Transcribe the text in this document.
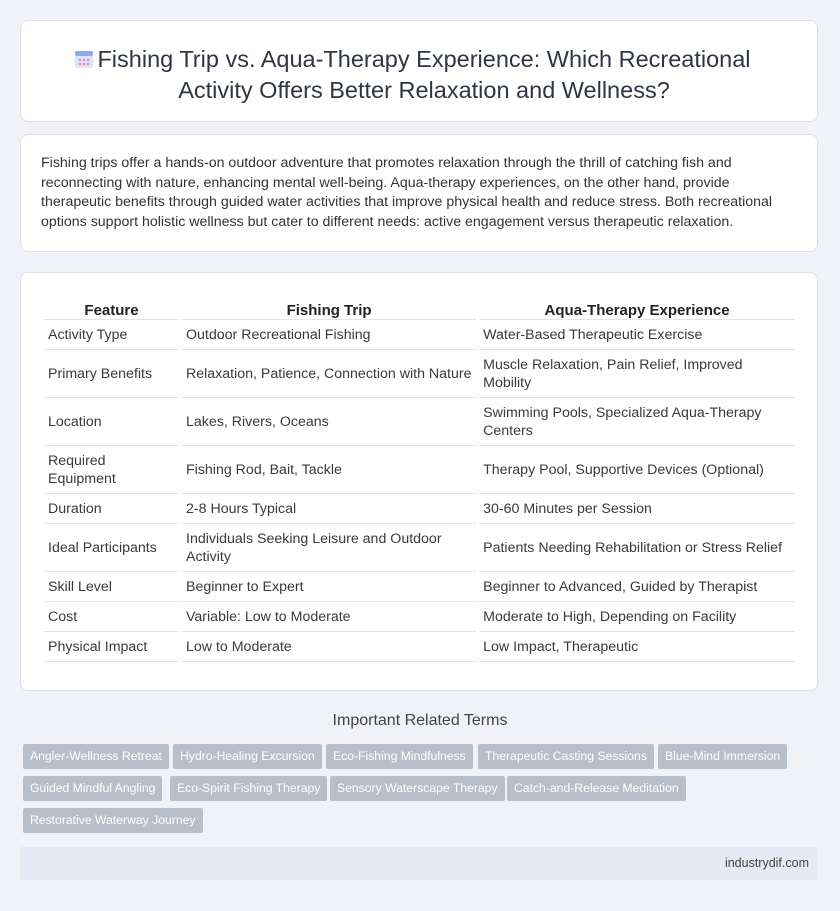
Fishing Trip vs. Aqua-Therapy Experience: Which Recreational Activity Offers Better Relaxation and Wellness?

Fishing trips offer a hands-on outdoor adventure that promotes relaxation through the thrill of catching fish and reconnecting with nature, enhancing mental well-being. Aqua-therapy experiences, on the other hand, provide therapeutic benefits through guided water activities that improve physical health and reduce stress. Both recreational options support holistic wellness but cater to different needs: active engagement versus therapeutic relaxation.

Feature	Fishing Trip	Aqua-Therapy Experience
Activity Type	Outdoor Recreational Fishing	Water-Based Therapeutic Exercise
Primary Benefits	Relaxation, Patience, Connection with Nature	Muscle Relaxation, Pain Relief, Improved Mobility
Location	Lakes, Rivers, Oceans	Swimming Pools, Specialized Aqua-Therapy Centers
Required Equipment	Fishing Rod, Bait, Tackle	Therapy Pool, Supportive Devices (Optional)
Duration	2-8 Hours Typical	30-60 Minutes per Session
Ideal Participants	Individuals Seeking Leisure and Outdoor Activity	Patients Needing Rehabilitation or Stress Relief
Skill Level	Beginner to Expert	Beginner to Advanced, Guided by Therapist
Cost	Variable: Low to Moderate	Moderate to High, Depending on Facility
Physical Impact	Low to Moderate	Low Impact, Therapeutic
Important Related Terms
Angler-Wellness Retreat	Hydro-Healing Excursion	Eco-Fishing Mindfulness	Therapeutic Casting Sessions	Blue-Mind Immersion
Guided Mindful Angling	Eco-Spirit Fishing Therapy	Sensory Waterscape Therapy	Catch-and-Release Meditation
Restorative Waterway Journey
industrydif.com
